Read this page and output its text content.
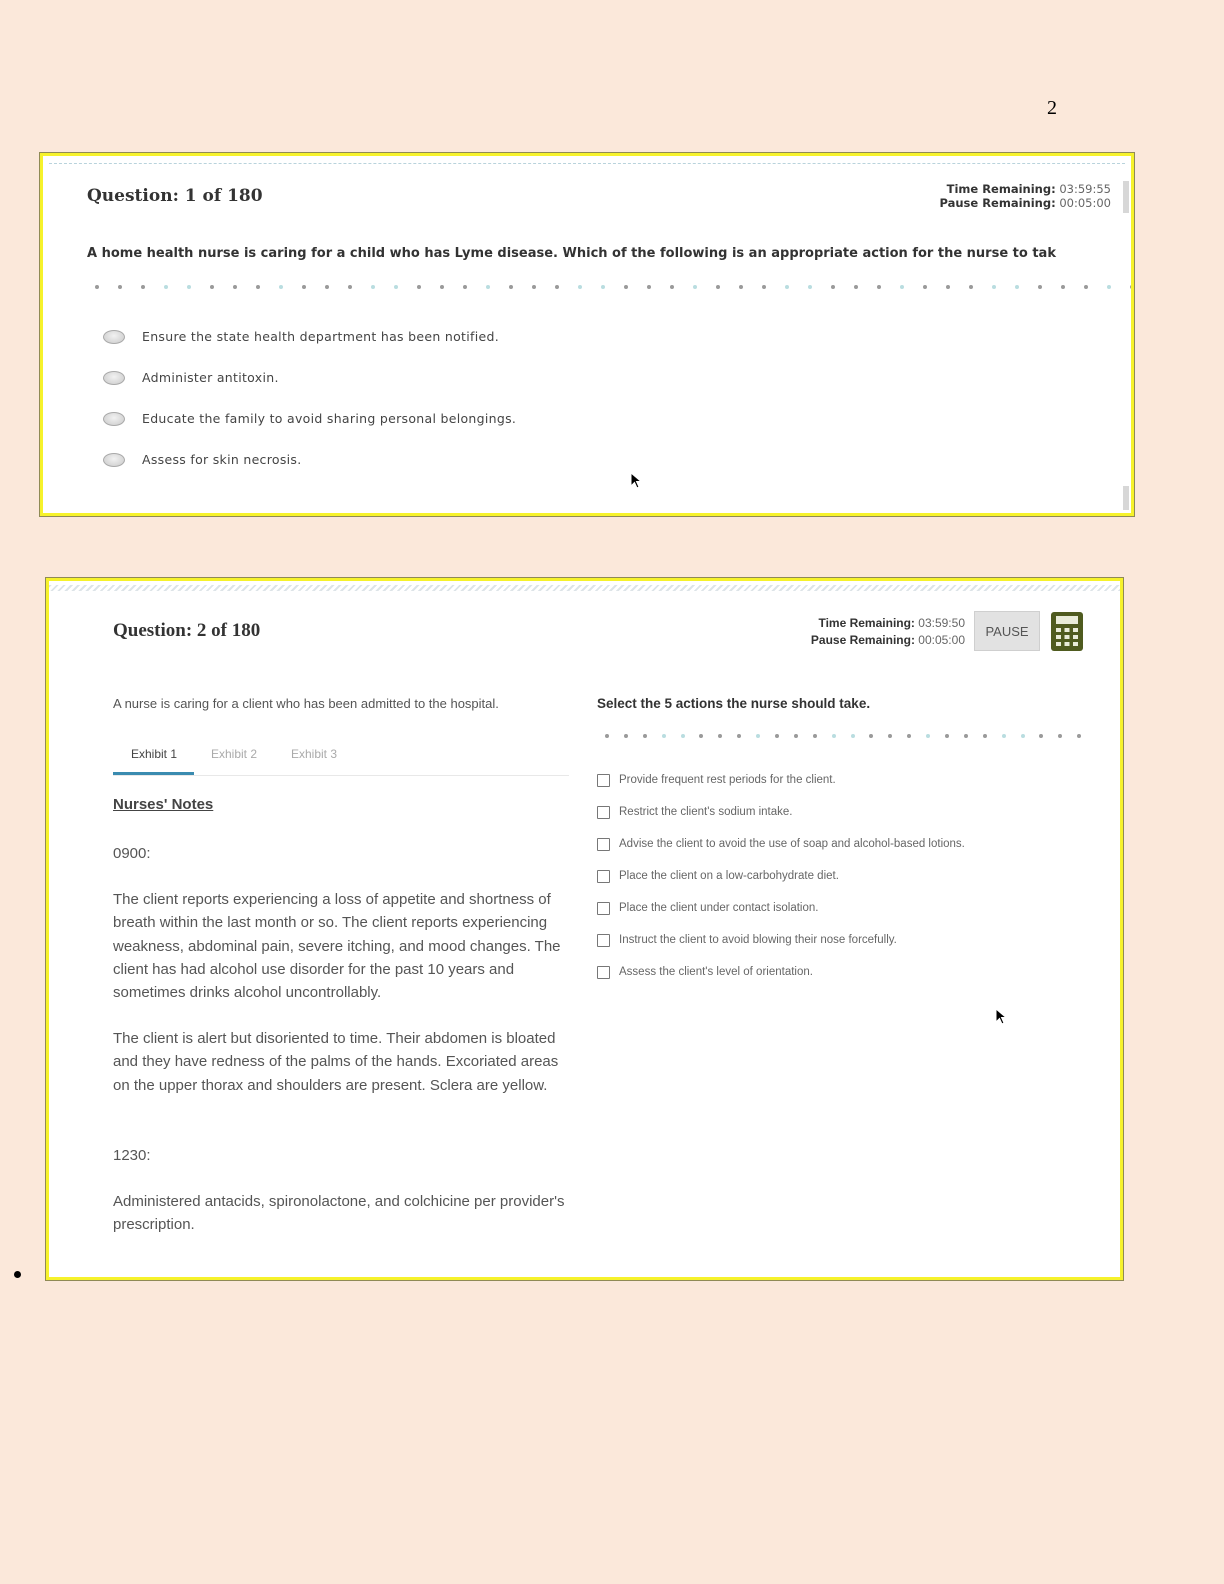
2
Question: 1 of 180	Time Remaining: 03:59:55
Pause Remaining: 00:05:00
A home health nurse is caring for a child who has Lyme disease. Which of the following is an appropriate action for the nurse to tak
Ensure the state health department has been notified.
Administer antitoxin.
Educate the family to avoid sharing personal belongings.
Assess for skin necrosis.
Question: 2 of 180	Time Remaining: 03:59:50
Pause Remaining: 00:05:00
PAUSE
A nurse is caring for a client who has been admitted to the hospital.
Exhibit 1	Exhibit 2	Exhibit 3
Nurses' Notes
0900:
The client reports experiencing a loss of appetite and shortness of breath within the last month or so. The client reports experiencing weakness, abdominal pain, severe itching, and mood changes. The client has had alcohol use disorder for the past 10 years and sometimes drinks alcohol uncontrollably.
The client is alert but disoriented to time. Their abdomen is bloated and they have redness of the palms of the hands. Excoriated areas on the upper thorax and shoulders are present. Sclera are yellow.
1230:
Administered antacids, spironolactone, and colchicine per provider's prescription.
Select the 5 actions the nurse should take.
Provide frequent rest periods for the client.
Restrict the client's sodium intake.
Advise the client to avoid the use of soap and alcohol-based lotions.
Place the client on a low-carbohydrate diet.
Place the client under contact isolation.
Instruct the client to avoid blowing their nose forcefully.
Assess the client's level of orientation.
